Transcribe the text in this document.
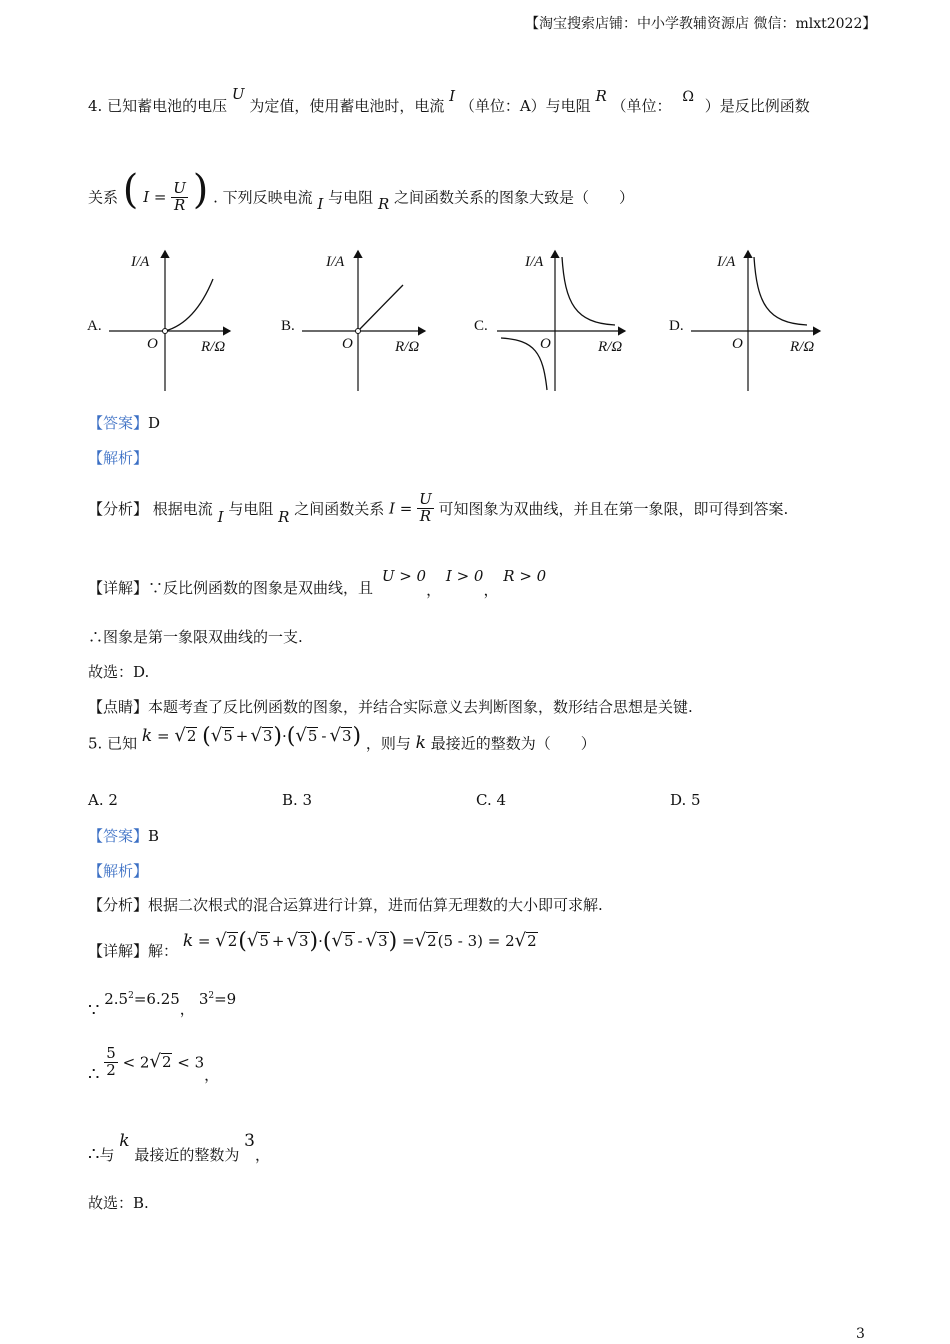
【淘宝搜索店铺：中小学教辅资源店 微信：mlxt2022】
4. 已知蓄电池的电压 U 为定值，使用蓄电池时，电流 I （单位：A）与电阻 R （单位： Ω ）是反比例函数
关系 ( $I = \frac{U}{R}$ ) . 下列反映电流 I 与电阻 R 之间函数关系的图象大致是（　　）
A.
I/A
O	R/Ω
B.
I/A
O	R/Ω
C.
I/A
O	R/Ω
D.
I/A
O	R/Ω
【答案】D
【解析】
【分析】 根据电流 I 与电阻 R 之间函数关系 $I = \frac{U}{R}$ 可知图象为双曲线，并且在第一象限，即可得到答案.
【详解】∵反比例函数的图象是双曲线，且 U > 0， I > 0， R > 0
∴图象是第一象限双曲线的一支.
故选：D.
【点睛】本题考查了反比例函数的图象，并结合实际意义去判断图象，数形结合思想是关键.
5. 已知 k = √ 2 ( √ 5 + √ 3 )·( √ 5 - √ 3 ) ，则与 k 最接近的整数为（　　）
A. 2	B. 3	C. 4	D. 5
【答案】B
【解析】
【分析】根据二次根式的混合运算进行计算，进而估算无理数的大小即可求解.
【详解】解： k = √ 2 ( √ 5 + √ 3 )·( √ 5 - √ 3 ) = √ 2 (5 - 3) = 2 √ 2
∵ $2.5^2=6.25$，$3^2=9$
∴ $\frac{5}{2} < 2$ √ 2 < 3，
∴与 k 最接近的整数为 3，
故选：B.
3
